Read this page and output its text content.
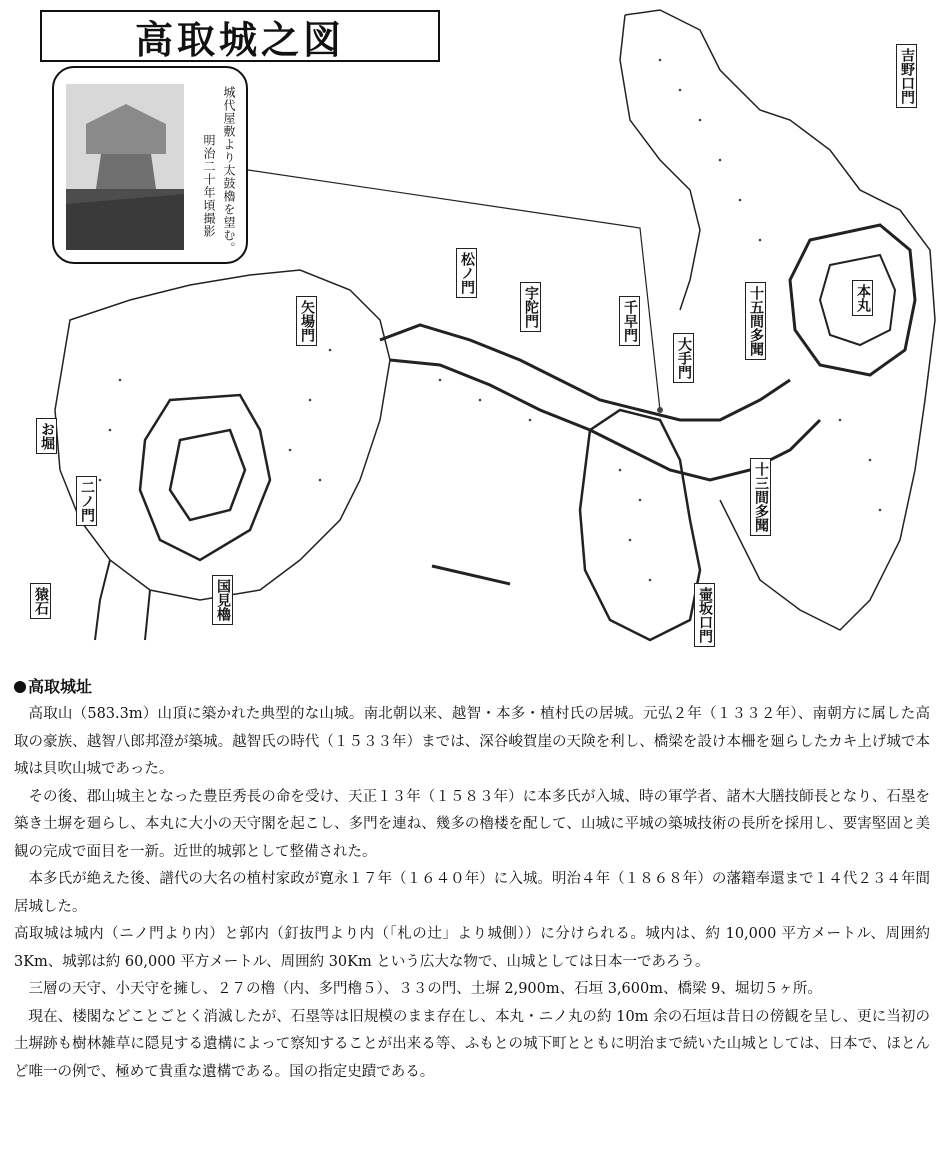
高取城之図
城代屋敷より太鼓櫓を望む。
明治二十年頃撮影
吉野口門
本丸
松ノ門
宇陀門
矢場門	千早門
大手門
十五間多聞
十三間多聞
お堀
二ノ門
猿石	国見櫓	壷坂口門
高取城址

高取山（583.3m）山頂に築かれた典型的な山城。南北朝以来、越智・本多・植村氏の居城。元弘２年（１３３２年）、南朝方に属した高取の豪族、越智八郎邦澄が築城。越智氏の時代（１５３３年）までは、深谷峻賀崖の天険を利し、橋梁を設け本柵を廻らしたカキ上げ城で本城は貝吹山城であった。

その後、郡山城主となった豊臣秀長の命を受け、天正１３年（１５８３年）に本多氏が入城、時の軍学者、諸木大膳技師長となり、石塁を築き土塀を廻らし、本丸に大小の天守閣を起こし、多門を連ね、幾多の櫓楼を配して、山城に平城の築城技術の長所を採用し、要害堅固と美観の完成で面目を一新。近世的城郭として整備された。

本多氏が絶えた後、譜代の大名の植村家政が寛永１７年（１６４０年）に入城。明治４年（１８６８年）の藩籍奉還まで１４代２３４年間居城した。

高取城は城内（ニノ門より内）と郭内（釘抜門より内（「札の辻」より城側））に分けられる。城内は、約 10,000 平方メートル、周囲約 3Km、城郭は約 60,000 平方メートル、周囲約 30Km という広大な物で、山城としては日本一であろう。

三層の天守、小天守を擁し、２７の櫓（内、多門櫓５）、３３の門、土塀 2,900m、石垣 3,600m、橋梁 9、堀切５ヶ所。

現在、楼閣などことごとく消滅したが、石塁等は旧規模のまま存在し、本丸・ニノ丸の約 10m 余の石垣は昔日の傍観を呈し、更に当初の土塀跡も樹林雑草に隠見する遺構によって察知することが出来る等、ふもとの城下町とともに明治まで続いた山城としては、日本で、ほとんど唯一の例で、極めて貴重な遺構である。国の指定史蹟である。
